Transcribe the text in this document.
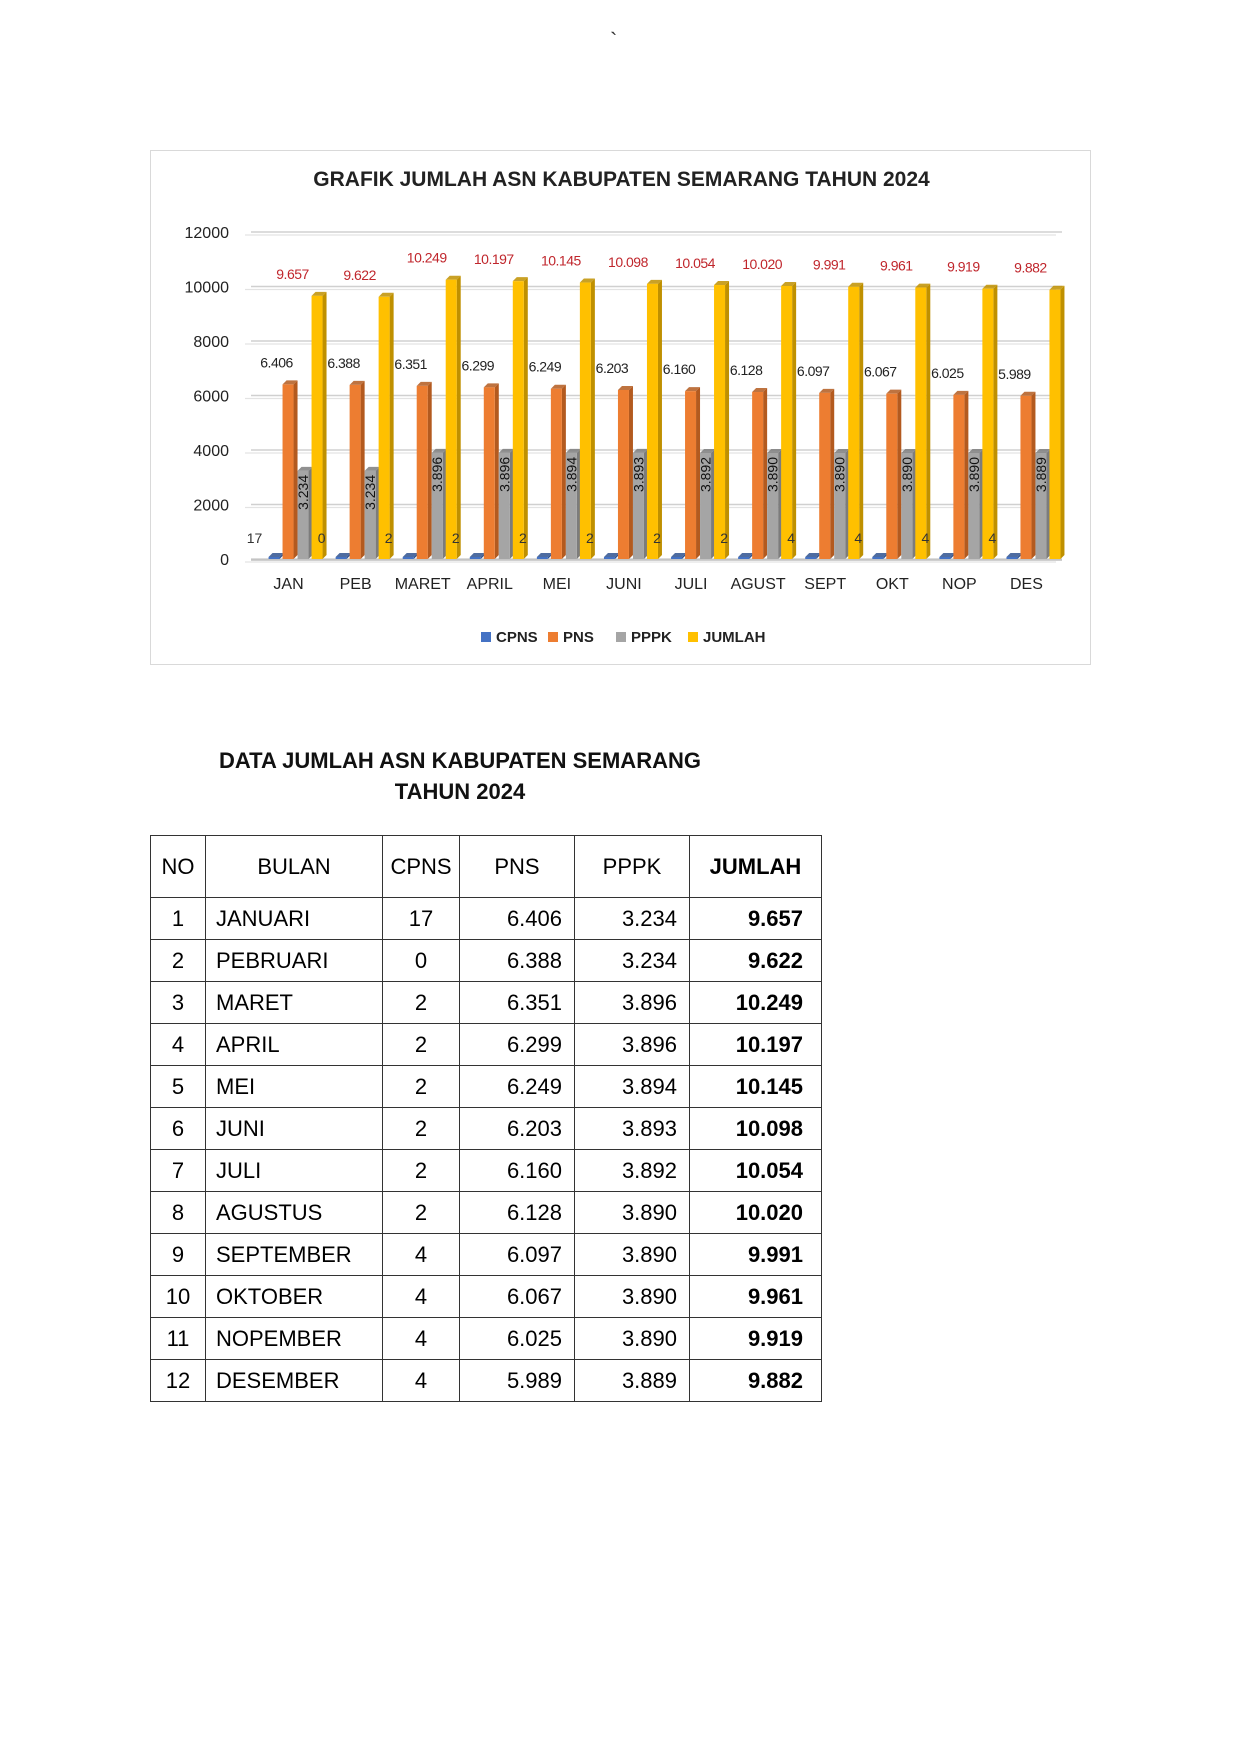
`
0
2000
4000
6000
8000
10000
12000
17
6.406
3.234
9.657
JAN
0
6.388
3.234
9.622
PEB
2
6.351
3.896
10.249
MARET
2
6.299
3.896
10.197
APRIL
2
6.249
3.894
10.145
MEI
2
6.203
3.893
10.098
JUNI
2
6.160
3.892
10.054
JULI
2
6.128
3.890
10.020
AGUST
4
6.097
3.890
9.991
SEPT
4
6.067
3.890
9.961
OKT
4
6.025
3.890
9.919
NOP
4
5.989
3.889
9.882
DES
CPNS PNS PPPK JUMLAH
GRAFIK JUMLAH ASN KABUPATEN SEMARANG TAHUN 2024
DATA JUMLAH ASN KABUPATEN SEMARANG
TAHUN 2024
NO	BULAN	CPNS	PNS	PPPK	JUMLAH
1	JANUARI	17	6.406	3.234	9.657
2	PEBRUARI	0	6.388	3.234	9.622
3	MARET	2	6.351	3.896	10.249
4	APRIL	2	6.299	3.896	10.197
5	MEI	2	6.249	3.894	10.145
6	JUNI	2	6.203	3.893	10.098
7	JULI	2	6.160	3.892	10.054
8	AGUSTUS	2	6.128	3.890	10.020
9	SEPTEMBER	4	6.097	3.890	9.991
10	OKTOBER	4	6.067	3.890	9.961
11	NOPEMBER	4	6.025	3.890	9.919
12	DESEMBER	4	5.989	3.889	9.882
